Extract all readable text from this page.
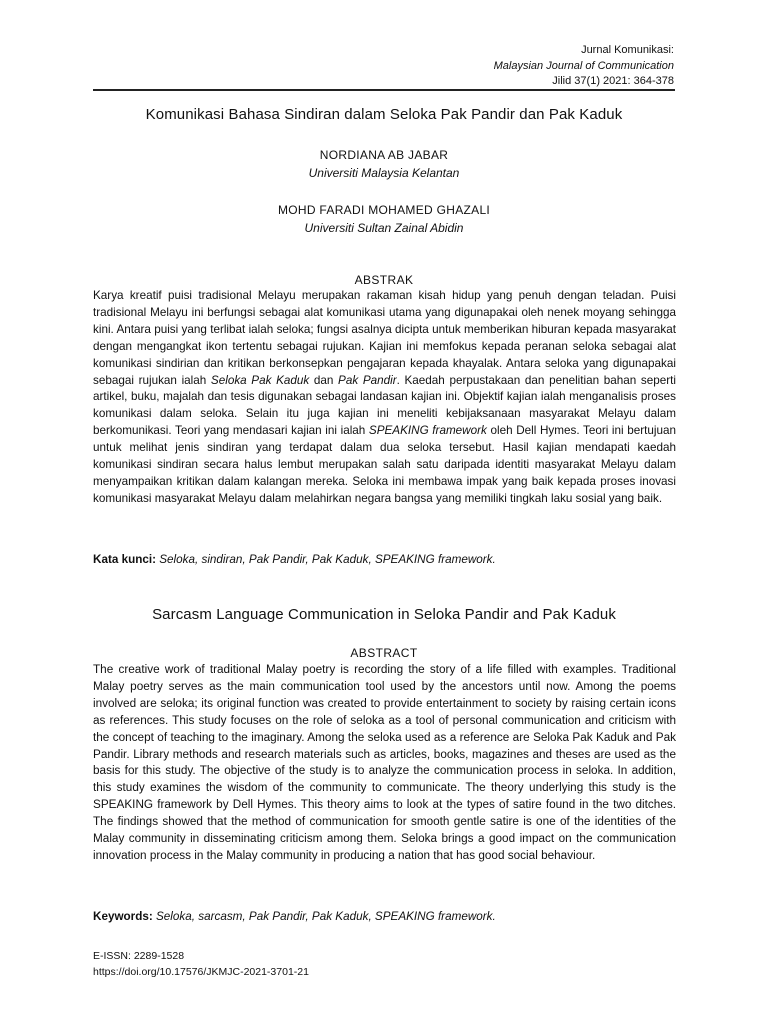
Jurnal Komunikasi:
Malaysian Journal of Communication
Jilid 37(1) 2021: 364-378
Komunikasi Bahasa Sindiran dalam Seloka Pak Pandir dan Pak Kaduk
NORDIANA AB JABAR
Universiti Malaysia Kelantan
MOHD FARADI MOHAMED GHAZALI
Universiti Sultan Zainal Abidin
ABSTRAK

Karya kreatif puisi tradisional Melayu merupakan rakaman kisah hidup yang penuh dengan teladan. Puisi tradisional Melayu ini berfungsi sebagai alat komunikasi utama yang digunapakai oleh nenek moyang sehingga kini. Antara puisi yang terlibat ialah seloka; fungsi asalnya dicipta untuk memberikan hiburan kepada masyarakat dengan mengangkat ikon tertentu sebagai rujukan. Kajian ini memfokus kepada peranan seloka sebagai alat komunikasi sindirian dan kritikan berkonsepkan pengajaran kepada khayalak. Antara seloka yang digunapakai sebagai rujukan ialah Seloka Pak Kaduk dan Pak Pandir. Kaedah perpustakaan dan penelitian bahan seperti artikel, buku, majalah dan tesis digunakan sebagai landasan kajian ini. Objektif kajian ialah menganalisis proses komunikasi dalam seloka. Selain itu juga kajian ini meneliti kebijaksanaan masyarakat Melayu dalam berkomunikasi. Teori yang mendasari kajian ini ialah SPEAKING framework oleh Dell Hymes. Teori ini bertujuan untuk melihat jenis sindiran yang terdapat dalam dua seloka tersebut. Hasil kajian mendapati kaedah komunikasi sindiran secara halus lembut merupakan salah satu daripada identiti masyarakat Melayu dalam menyampaikan kritikan dalam kalangan mereka. Seloka ini membawa impak yang baik kepada proses inovasi komunikasi masyarakat Melayu dalam melahirkan negara bangsa yang memiliki tingkah laku sosial yang baik.

Kata kunci: Seloka, sindiran, Pak Pandir, Pak Kaduk, SPEAKING framework.
Sarcasm Language Communication in Seloka Pandir and Pak Kaduk
ABSTRACT

The creative work of traditional Malay poetry is recording the story of a life filled with examples. Traditional Malay poetry serves as the main communication tool used by the ancestors until now. Among the poems involved are seloka; its original function was created to provide entertainment to society by raising certain icons as references. This study focuses on the role of seloka as a tool of personal communication and criticism with the concept of teaching to the imaginary. Among the seloka used as a reference are Seloka Pak Kaduk and Pak Pandir. Library methods and research materials such as articles, books, magazines and theses are used as the basis for this study. The objective of the study is to analyze the communication process in seloka. In addition, this study examines the wisdom of the community to communicate. The theory underlying this study is the SPEAKING framework by Dell Hymes. This theory aims to look at the types of satire found in the two ditches. The findings showed that the method of communication for smooth gentle satire is one of the identities of the Malay community in disseminating criticism among them. Seloka brings a good impact on the communication innovation process in the Malay community in producing a nation that has good social behaviour.

Keywords: Seloka, sarcasm, Pak Pandir, Pak Kaduk, SPEAKING framework.
E-ISSN: 2289-1528
https://doi.org/10.17576/JKMJC-2021-3701-21
